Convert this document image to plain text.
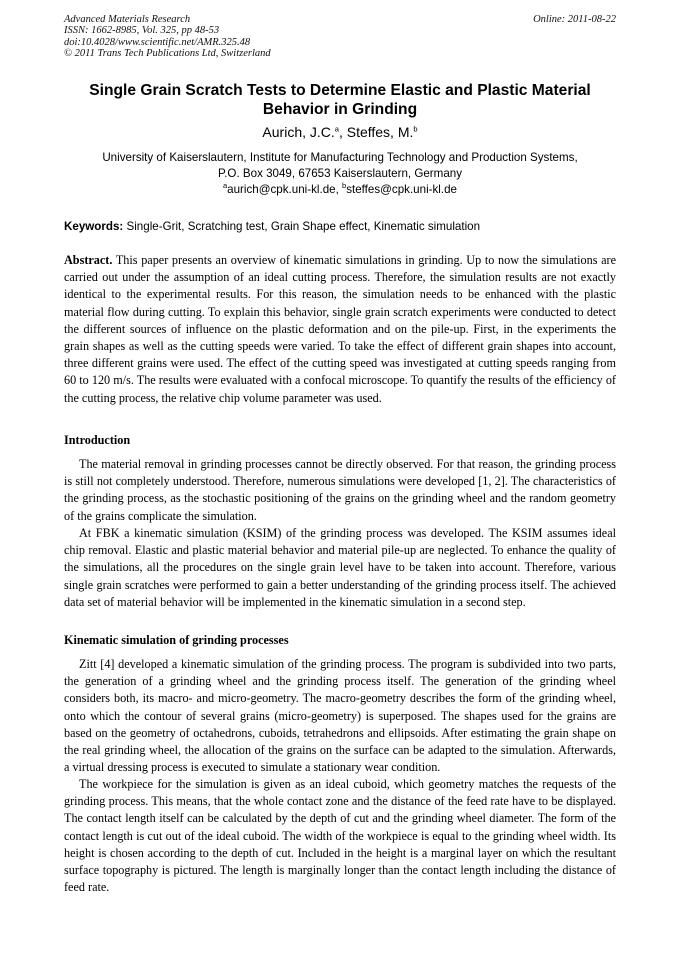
Advanced Materials Research
ISSN: 1662-8985, Vol. 325, pp 48-53
doi:10.4028/www.scientific.net/AMR.325.48
© 2011 Trans Tech Publications Ltd, Switzerland
Online: 2011-08-22
Single Grain Scratch Tests to Determine Elastic and Plastic Material Behavior in Grinding
Aurich, J.C.$^a$, Steffes, M.$^b$
University of Kaiserslautern, Institute for Manufacturing Technology and Production Systems,
P.O. Box 3049, 67653 Kaiserslautern, Germany
$^a$aurich@cpk.uni-kl.de, $^b$steffes@cpk.uni-kl.de
Keywords: Single-Grit, Scratching test, Grain Shape effect, Kinematic simulation
Abstract. This paper presents an overview of kinematic simulations in grinding. Up to now the simulations are carried out under the assumption of an ideal cutting process. Therefore, the simulation results are not exactly identical to the experimental results. For this reason, the simulation needs to be enhanced with the plastic material flow during cutting. To explain this behavior, single grain scratch experiments were conducted to detect the different sources of influence on the plastic deformation and on the pile-up. First, in the experiments the grain shapes as well as the cutting speeds were varied. To take the effect of different grain shapes into account, three different grains were used. The effect of the cutting speed was investigated at cutting speeds ranging from 60 to 120 m/s. The results were evaluated with a confocal microscope. To quantify the results of the efficiency of the cutting process, the relative chip volume parameter was used.
Introduction
The material removal in grinding processes cannot be directly observed. For that reason, the grinding process is still not completely understood. Therefore, numerous simulations were developed [1, 2]. The characteristics of the grinding process, as the stochastic positioning of the grains on the grinding wheel and the random geometry of the grains complicate the simulation.
At FBK a kinematic simulation (KSIM) of the grinding process was developed. The KSIM assumes ideal chip removal. Elastic and plastic material behavior and material pile-up are neglected. To enhance the quality of the simulations, all the procedures on the single grain level have to be taken into account. Therefore, various single grain scratches were performed to gain a better understanding of the grinding process itself. The achieved data set of material behavior will be implemented in the kinematic simulation in a second step.
Kinematic simulation of grinding processes
Zitt [4] developed a kinematic simulation of the grinding process. The program is subdivided into two parts, the generation of a grinding wheel and the grinding process itself. The generation of the grinding wheel considers both, its macro- and micro-geometry. The macro-geometry describes the form of the grinding wheel, onto which the contour of several grains (micro-geometry) is superposed. The shapes used for the grains are based on the geometry of octahedrons, cuboids, tetrahedrons and ellipsoids. After estimating the grain shape on the real grinding wheel, the allocation of the grains on the surface can be adapted to the simulation. Afterwards, a virtual dressing process is executed to simulate a stationary wear condition.
The workpiece for the simulation is given as an ideal cuboid, which geometry matches the requests of the grinding process. This means, that the whole contact zone and the distance of the feed rate have to be displayed. The contact length itself can be calculated by the depth of cut and the grinding wheel diameter. The form of the contact length is cut out of the ideal cuboid. The width of the workpiece is equal to the grinding wheel width. Its height is chosen according to the depth of cut. Included in the height is a marginal layer on which the resultant surface topography is pictured. The length is marginally longer than the contact length including the distance of feed rate.
